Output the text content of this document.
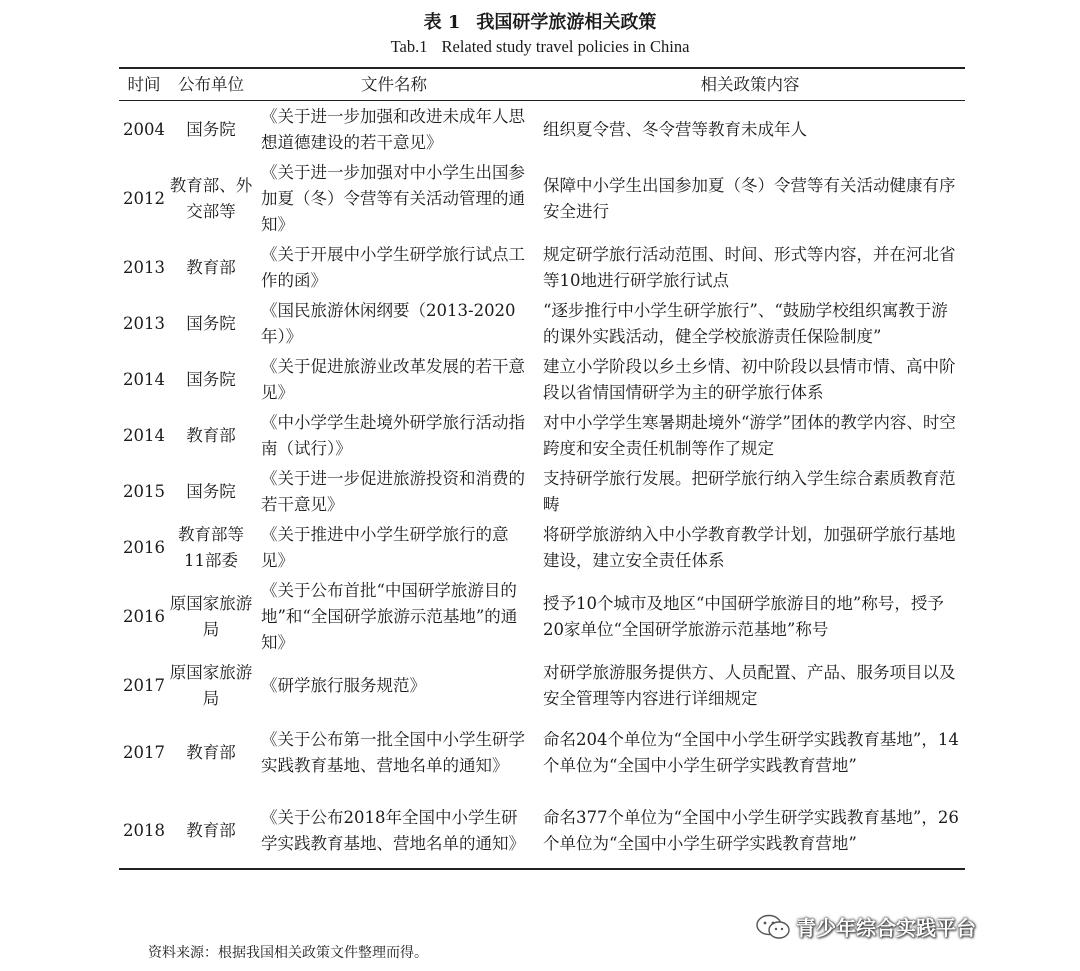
表 1 我国研学旅游相关政策
Tab.1 Related study travel policies in China
时间	公布单位	文件名称	相关政策内容
2004	国务院	《关于进一步加强和改进未成年人思想道德建设的若干意见》	组织夏令营、冬令营等教育未成年人
2012	教育部、外交部等	《关于进一步加强对中小学生出国参加夏（冬）令营等有关活动管理的通知》	保障中小学生出国参加夏（冬）令营等有关活动健康有序安全进行
2013	教育部	《关于开展中小学生研学旅行试点工作的函》	规定研学旅行活动范围、时间、形式等内容，并在河北省等10地进行研学旅行试点
2013	国务院	《国民旅游休闲纲要（2013-2020年）》	“逐步推行中小学生研学旅行”、“鼓励学校组织寓教于游的课外实践活动，健全学校旅游责任保险制度”
2014	国务院	《关于促进旅游业改革发展的若干意见》	建立小学阶段以乡土乡情、初中阶段以县情市情、高中阶段以省情国情研学为主的研学旅行体系
2014	教育部	《中小学学生赴境外研学旅行活动指南（试行）》	对中小学学生寒暑期赴境外“游学”团体的教学内容、时空跨度和安全责任机制等作了规定
2015	国务院	《关于进一步促进旅游投资和消费的若干意见》	支持研学旅行发展。把研学旅行纳入学生综合素质教育范畴
2016	教育部等11部委	《关于推进中小学生研学旅行的意见》	将研学旅游纳入中小学教育教学计划，加强研学旅行基地建设，建立安全责任体系
2016	原国家旅游局	《关于公布首批“中国研学旅游目的地”和“全国研学旅游示范基地”的通知》	授予10个城市及地区“中国研学旅游目的地”称号，授予20家单位“全国研学旅游示范基地”称号
2017	原国家旅游局	《研学旅行服务规范》	对研学旅游服务提供方、人员配置、产品、服务项目以及安全管理等内容进行详细规定
2017	教育部	《关于公布第一批全国中小学生研学实践教育基地、营地名单的通知》	命名204个单位为“全国中小学生研学实践教育基地”，14个单位为“全国中小学生研学实践教育营地”
2018	教育部	《关于公布2018年全国中小学生研学实践教育基地、营地名单的通知》	命名377个单位为“全国中小学生研学实践教育基地”，26个单位为“全国中小学生研学实践教育营地”
资料来源：根据我国相关政策文件整理而得。
青少年综合实践平台
